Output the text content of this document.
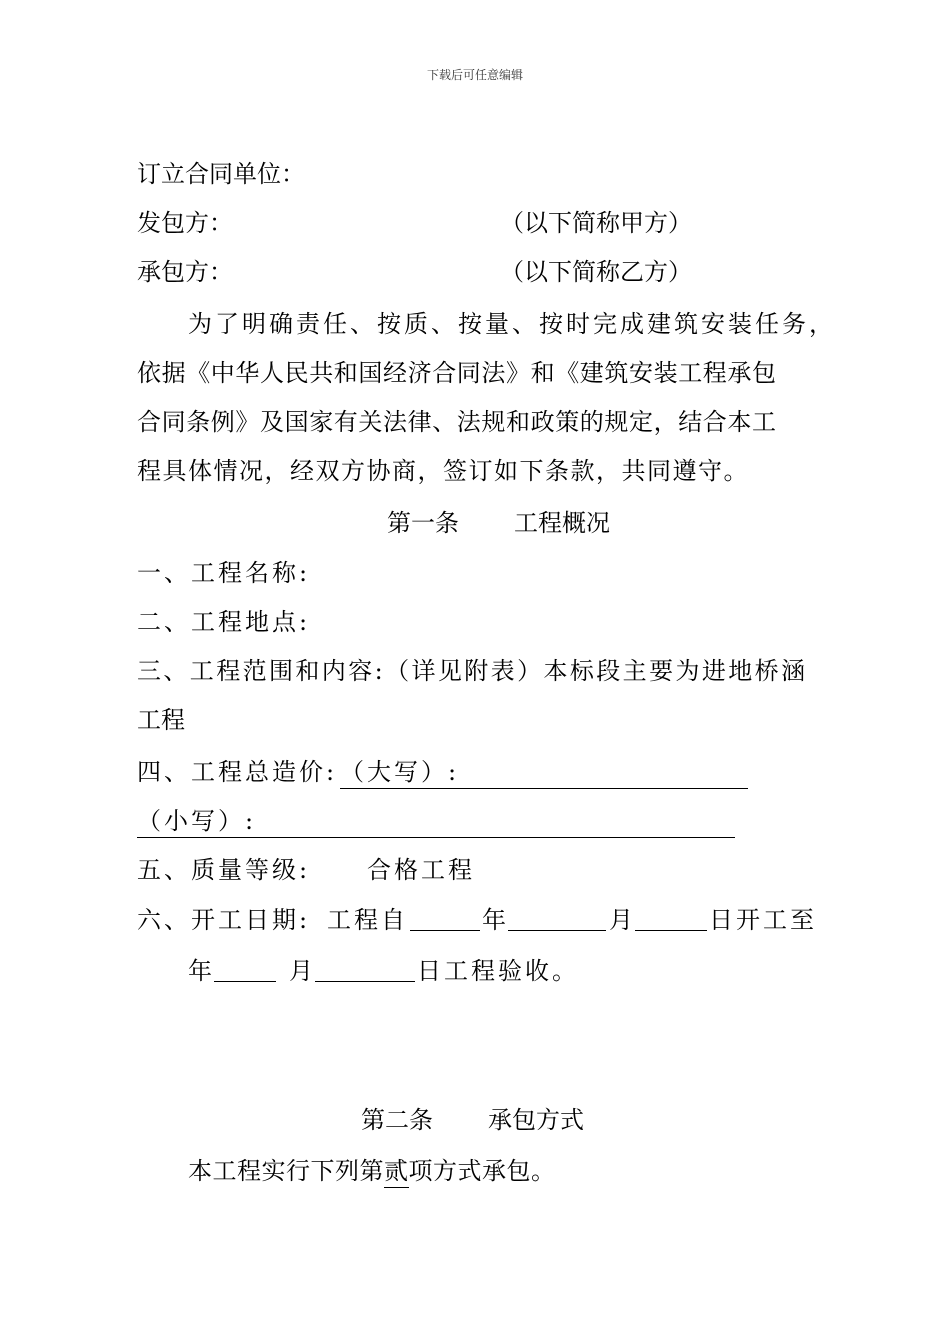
下载后可任意编辑
订立合同单位：
发包方：	（以下简称甲方）
承包方：	（以下简称乙方）
为了明确责任、按质、按量、按时完成建筑安装任务，
依据《中华人民共和国经济合同法》和《建筑安装工程承包
合同条例》及国家有关法律、法规和政策的规定，结合本工
程具体情况，经双方协商，签订如下条款，共同遵守。
第一条 工程概况
一、工程名称:
二、工程地点:
三、工程范围和内容:（详见附表）本标段主要为进地桥涵
工程
四、工程总造价: （大写）:
（小写）:
五、质量等级: 合格工程
六、开工日期: 工程自	年	月	日开工至
年	月	日工程验收。
第二条 承包方式
本工程实行下列第贰项方式承包。
